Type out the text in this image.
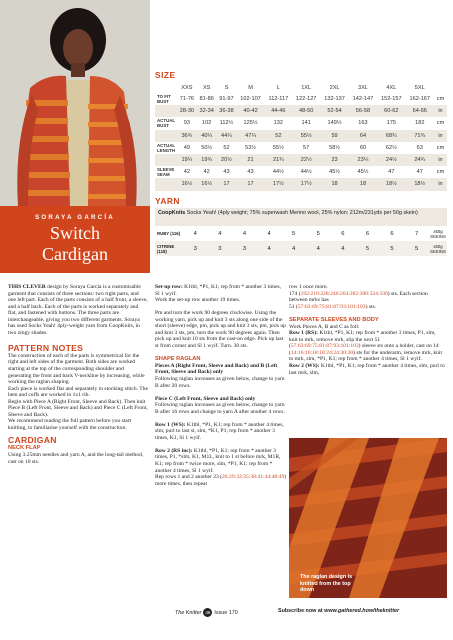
SORAYA GARCÍA
Switch
Cardigan
SIZE
	XXS	XS	S	M	L	1XL	2XL	3XL	4XL	5XL	
TO FIT BUST	71-76	81-86	91-97	102-107	112-117	122-127	132-137	142-147	152-157	162-167	cm
	28-30	32-34	36-38	40-42	44-46	48-50	52-54	56-58	60-62	64-66	in
ACTUAL BUST	93	102	112½	125½	132	141	149½	163	175	182	cm
	36¾	40¼	44¼	47¼	52	55½	59	64	68¾	71¾	in
ACTUAL LENGTH	49	50½	52	53½	55½	57	58½	60	62½	63	cm
	19¼	19¾	20½	21	21¾	22½	23	23¼	24½	24¾	in
SLEEVE SEAM	42	42	43	43	44½	44½	45½	45½	47	47	cm
	16½	16½	17	17	17½	17½	18	18	18½	18½	in
YARN
CoopKnits Socks Yeah! (4ply weight; 75% superwash Merino wool, 25% nylon; 212m/231yds per 50g skein)
RUBY (116)	4	4	4	4	5	5	6	6	6	7	x50g SKEINS
CITRINE (118)	3	3	3	4	4	4	4	5	5	5	x50g SKEINS

THIS CLEVER design by Soraya García is a customisable garment that consists of three sections: two right parts, and one left part. Each of the parts consists of a half front, a sleeve, and a half back. Each of the parts is worked separately and flat, and fastened with buttons. The three parts are interchangeable, giving you two different garments. Soraya has used Socks Yeah! 4ply-weight yarn from CoopKnits, in two zingy shades.

PATTERN NOTES
The construction of each of the parts is symmetrical for the right and left sides of the garment. Both sides are worked starting at the top of the corresponding shoulder and generating the front and back V-neckline by increasing, while working the raglan shaping.
Each piece is worked flat and separately in stocking stitch. The hem and cuffs are worked in 1x1 rib.
Begin with Piece A (Right Front, Sleeve and Back). Then knit Piece B (Left Front, Sleeve and Back) and Piece C (Left Front, Sleeve and Back).
We recommend reading the full pattern before you start knitting, to familiarise yourself with the construction.
CARDIGAN
NECK FLAP
Using 3.25mm needles and yarn A, and the long-tail method, cast on 10 sts.

Set-up row: K1tbl, *P1, K1; rep from * another 3 times, Sl 1 wyif.
Work the set-up row another 19 times.

Pm and turn the work 90 degrees clockwise. Using the working yarn, pick up and knit 3 sts along one side of the short (sleeve) edge, pm, pick up and knit 3 sts, pm, pick up and knit 3 sts, pm, turn the work 90 degrees again. Then pick up and knit 10 sts from the cast-on edge. Pick up last st from corner and Sl 1 wyif. Turn. 30 sts.

SHAPE RAGLAN
Pieces A (Right Front, Sleeve and Back) and B (Left Front, Sleeve and Back) only

Following raglan increases as given below, change to yarn B after 20 rows.

Piece C (Left Front, Sleeve and Back) only

Following raglan increases as given below, change to yarn B after 16 rows and change to yarn A after another 4 rows.

Row 1 (WS): K1tbl, *P1, K1; rep from * another 4 times, slm, purl to last st, slm, *K1, P1; rep from * another 3 times, K1, Sl 1 wyif.

Row 2 (RS inc): K1tbl, *P1, K1; rep from * another 3 times, P1, *slm, K1, M1L, knit to 1 st before mrk, M1R, K1; rep from * twice more, slm, *P1, K1; rep from * another 4 times, Sl 1 wyif.
Rep rows 1 and 2 another 23 (26:29:32:35:38:41:44:48:49) more times, then repeat
row 1 once more.
174 (192:210:228:246:264:282:300:324:330) sts. Each section between mrks has

51 (57:63:69:75:81:87:93:101:103) sts.

SEPARATE SLEEVES AND BODY
Work Pieces A, B and C as foll:
Row 1 (RS): K1tbl, *P1, K1; rep from * another 3 times, P1, slm, knit to mrk, remove mrk, slip the next 51 (57:63:69:75:81:87:93:101:103) sleeve sts onto a holder, cast on 14 (14:16:16:18:18:24:24:30:30) sts for the underarm, remove mrk, knit to mrk, slm, *P1, K1; rep from * another 4 times, Sl 1 wyif.
Row 2 (WS): K1tbl, *P1, K1; rep from * another 4 times, slm, purl to last mrk, slm,
The raglan design is knitted from the top down
The Knitter 46 Issue 170	Subscribe now at www.gathered.how/theknitter
